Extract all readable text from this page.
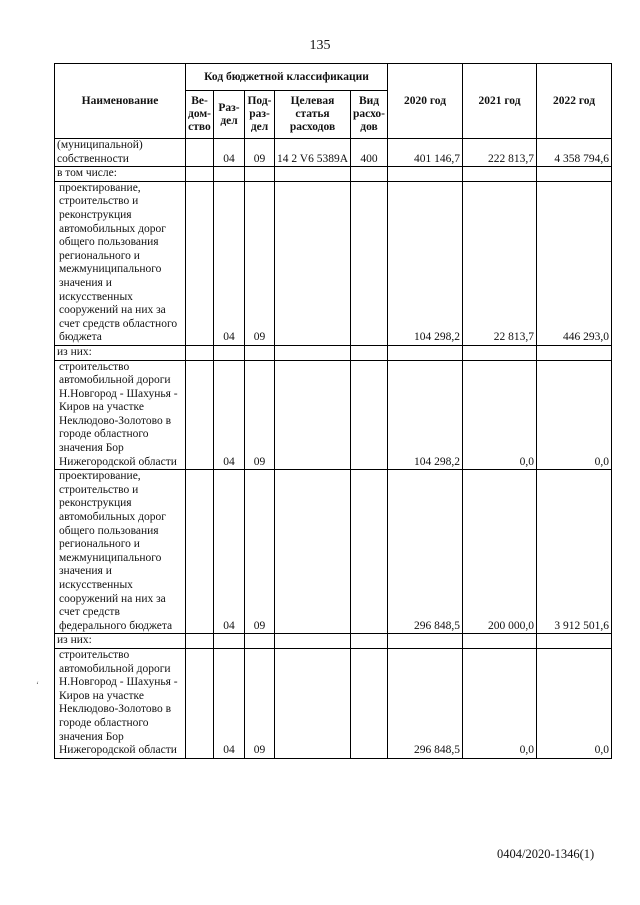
135
Наименование	Код бюджетной классификации					2020 год	2021 год	2022 год
	Ве-
дом-
ство	Раз-
дел	Под-
раз-
дел	Целевая
статья
расходов	Вид
расхо-
дов			
(муниципальной) собственности		04	09	14 2 V6 5389A	400	401 146,7	222 813,7	4 358 794,6
в том числе:								
проектирование, строительство и реконструкция автомобильных дорог общего пользования регионального и межмуниципального значения и искусственных сооружений на них за счет средств областного бюджета		04	09			104 298,2	22 813,7	446 293,0
из них:								
строительство автомобильной дороги Н.Новгород - Шахунья - Киров на участке Неклюдово-Золотово в городе областного значения Бор Нижегородской области		04	09			104 298,2	0,0	0,0
проектирование, строительство и реконструкция автомобильных дорог общего пользования регионального и межмуниципального значения и искусственных сооружений на них за счет средств федерального бюджета		04	09			296 848,5	200 000,0	3 912 501,6
из них:								
строительство автомобильной дороги Н.Новгород - Шахунья - Киров на участке Неклюдово-Золотово в городе областного значения Бор Нижегородской области		04	09			296 848,5	0,0	0,0
‘
0404/2020-1346(1)
